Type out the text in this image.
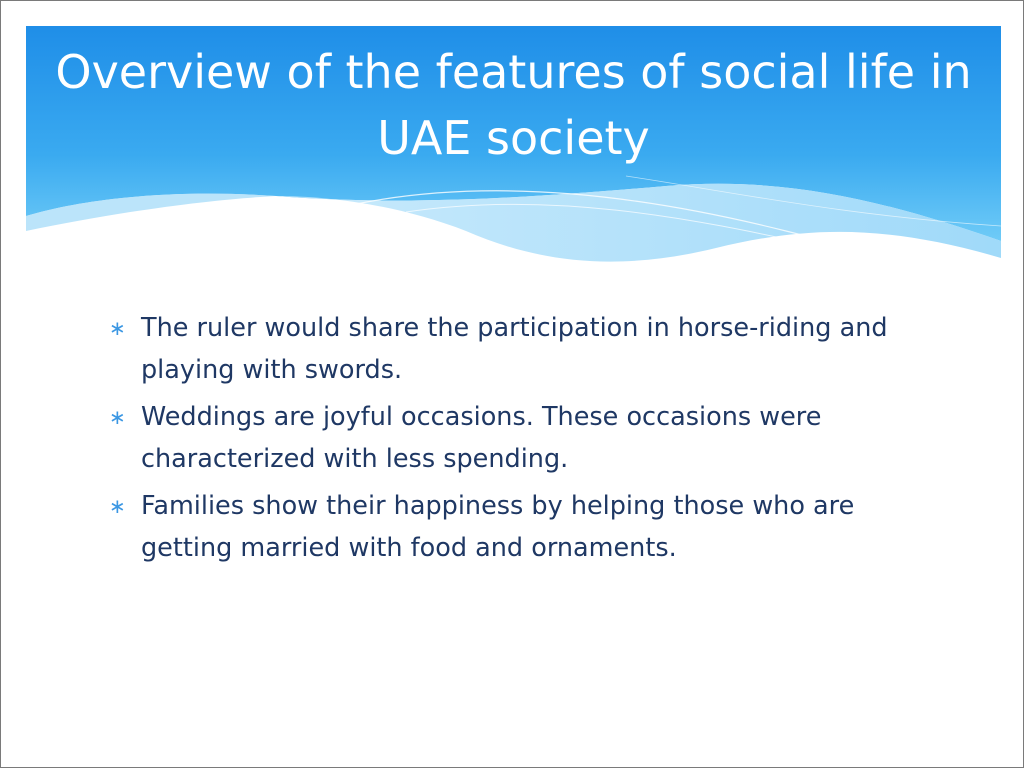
Overview of the features of social life in UAE society
∗ The ruler would share the participation in horse-riding and playing with swords.
∗ Weddings are joyful occasions. These occasions were characterized with less spending.
∗ Families show their happiness by helping those who are getting married with food and ornaments.
